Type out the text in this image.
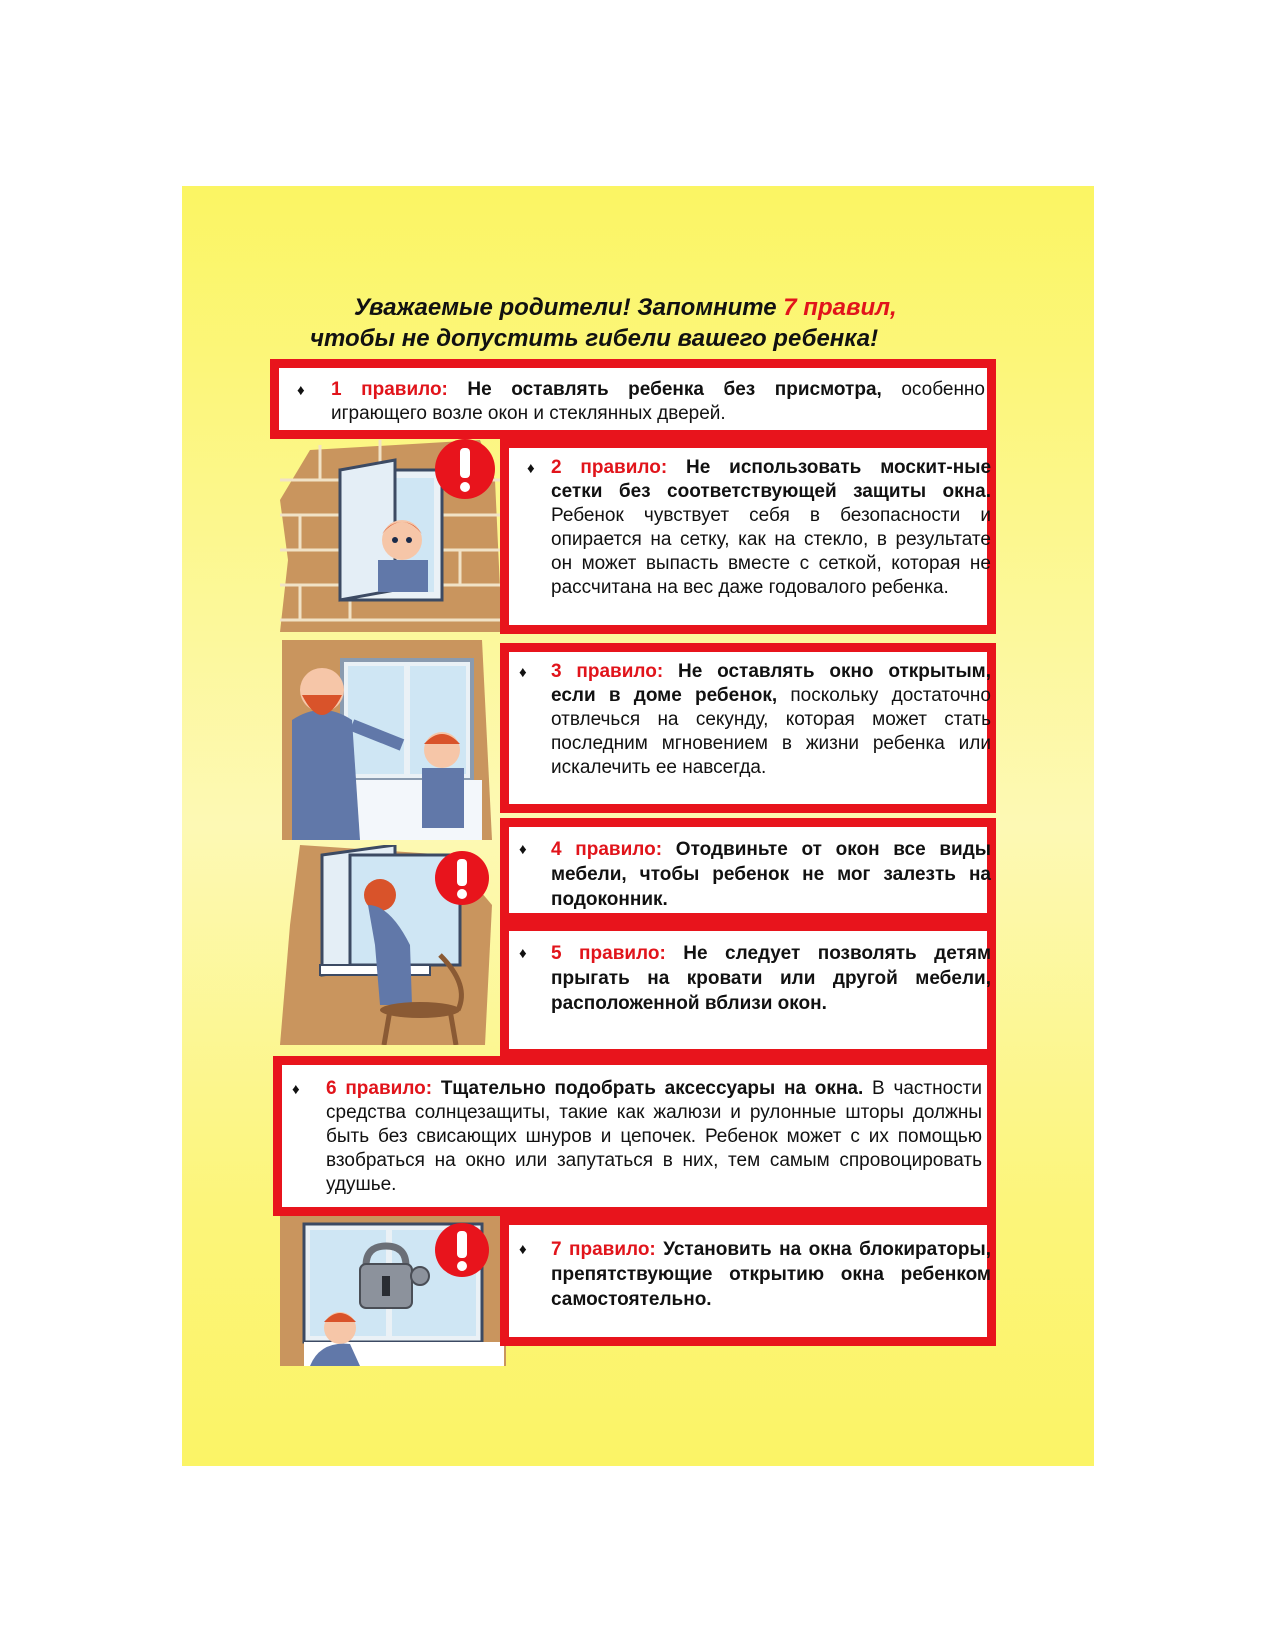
Уважаемые родители! Запомните 7 правил,
чтобы не допустить гибели вашего ребенка!
♦ 1 правило: Не оставлять ребенка без присмотра, особенно играющего возле окон и стеклянных дверей.
♦ 2 правило: Не использовать москит-ные сетки без соответствующей защиты окна. Ребенок чувствует себя в безопасности и опирается на сетку, как на стекло, в результате он может выпасть вместе с сеткой, которая не рассчитана на вес даже годовалого ребенка.
♦ 3 правило: Не оставлять окно открытым, если в доме ребенок, поскольку достаточно отвлечься на секунду, которая может стать последним мгновением в жизни ребенка или искалечить ее навсегда.
♦ 4 правило: Отодвиньте от окон все виды мебели, чтобы ребенок не мог залезть на подоконник.
♦ 5 правило: Не следует позволять детям прыгать на кровати или другой мебели, расположенной вблизи окон.
♦ 6 правило: Тщательно подобрать аксессуары на окна. В частности средства солнцезащиты, такие как жалюзи и рулонные шторы должны быть без свисающих шнуров и цепочек. Ребенок может с их помощью взобраться на окно или запутаться в них, тем самым спровоцировать удушье.
♦ 7 правило: Установить на окна блокираторы, препятствующие открытию окна ребенком самостоятельно.
